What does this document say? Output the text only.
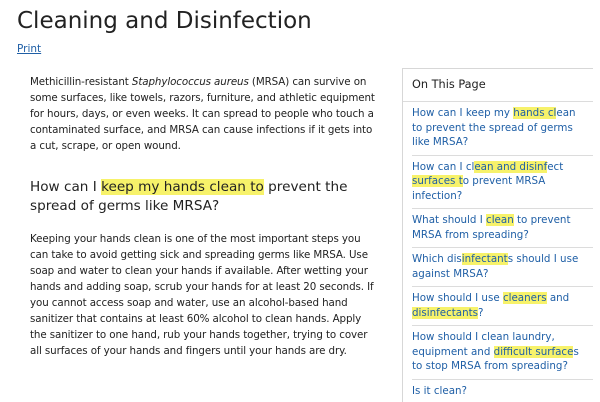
Cleaning and Disinfection
Print

Methicillin-resistant Staphylococcus aureus (MRSA) can survive on some surfaces, like towels, razors, furniture, and athletic equipment for hours, days, or even weeks. It can spread to people who touch a contaminated surface, and MRSA can cause infections if it gets into a cut, scrape, or open wound.

How can I keep my hands clean to prevent the spread of germs like MRSA?

Keeping your hands clean is one of the most important steps you can take to avoid getting sick and spreading germs like MRSA. Use soap and water to clean your hands if available. After wetting your hands and adding soap, scrub your hands for at least 20 seconds. If you cannot access soap and water, use an alcohol-based hand sanitizer that contains at least 60% alcohol to clean hands. Apply the sanitizer to one hand, rub your hands together, trying to cover all surfaces of your hands and fingers until your hands are dry.

On This Page
How can I keep my hands clean to prevent the spread of germs like MRSA?
How can I clean and disinfect surfaces to prevent MRSA infection?
What should I clean to prevent MRSA from spreading?
Which disinfectants should I use against MRSA?
How should I use cleaners and disinfectants?
How should I clean laundry, equipment and difficult surfaces to stop MRSA from spreading?
Is it clean?
